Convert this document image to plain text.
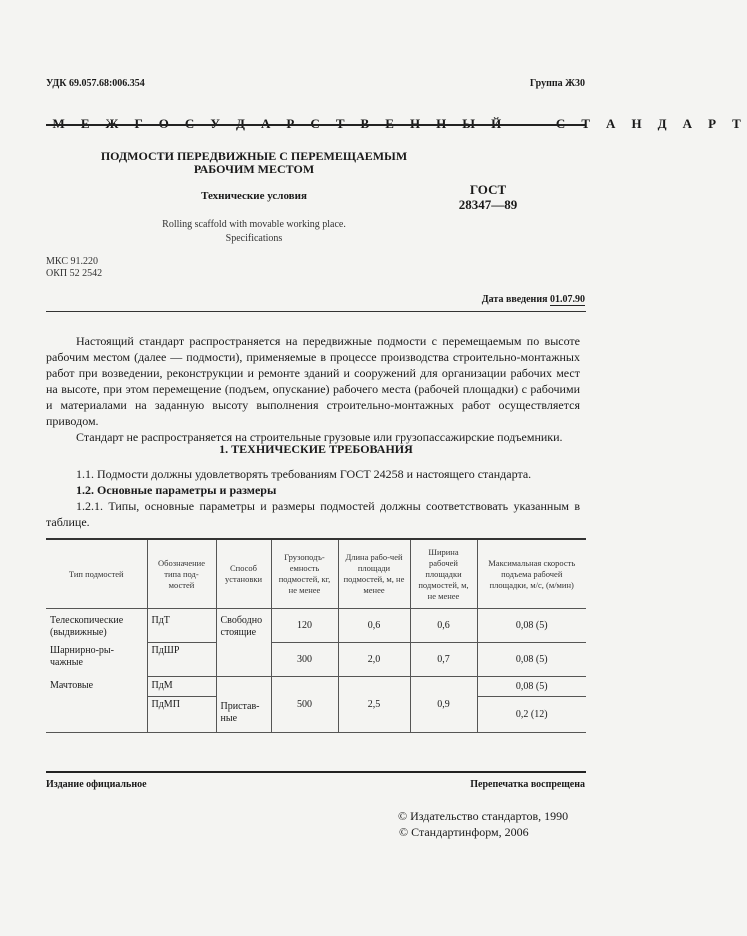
УДК 69.057.68:006.354	Группа Ж30

М Е Ж Г О С У Д А Р С Т В Е Н Н Ы Й     С Т А Н Д А Р Т

ПОДМОСТИ ПЕРЕДВИЖНЫЕ С ПЕРЕМЕЩАЕМЫМ
РАБОЧИМ МЕСТОМ
Технические условия
Rolling scaffold with movable working place.
Specifications
ГОСТ
28347—89
МКС 91.220
ОКП 52 2542
Дата введения 01.07.90

Настоящий стандарт распространяется на передвижные подмости с перемещаемым по высоте рабочим местом (далее — подмости), применяемые в процессе производства строительно-монтажных работ при возведении, реконструкции и ремонте зданий и сооружений для организации рабочих мест на высоте, при этом перемещение (подъем, опускание) рабочего места (рабочей площадки) с рабочими и материалами на заданную высоту выполнения строительно-монтажных работ осуществляется приводом.

Стандарт не распространяется на строительные грузовые или грузопассажирские подъемники.

1. ТЕХНИЧЕСКИЕ ТРЕБОВАНИЯ

1.1. Подмости должны удовлетворять требованиям ГОСТ 24258 и настоящего стандарта.

1.2. Основные параметры и размеры

1.2.1. Типы, основные параметры и размеры подмостей должны соответствовать указанным в таблице.

Тип подмостей	Обозначение типа под-мостей	Способ установки	Грузоподъ-емность подмостей, кг, не менее	Длина рабо-чей площади подмостей, м, не менее	Ширина рабочей площадки подмостей, м, не менее	Максимальная скорость подъема рабочей площадки, м/с, (м/мин)
Телескопические (выдвижные)	ПдТ	Свободно стоящие	120	0,6	0,6	0,08 (5)
Шарнирно-ры-чажные	ПдШР		300	2,0	0,7	0,08 (5)
Мачтовые	ПдМ	Пристав-ные	500	2,5	0,9	0,08 (5)
	ПдМП					0,2 (12)
Издание официальное	Перепечатка воспрещена
© Издательство стандартов, 1990
© Стандартинформ, 2006
